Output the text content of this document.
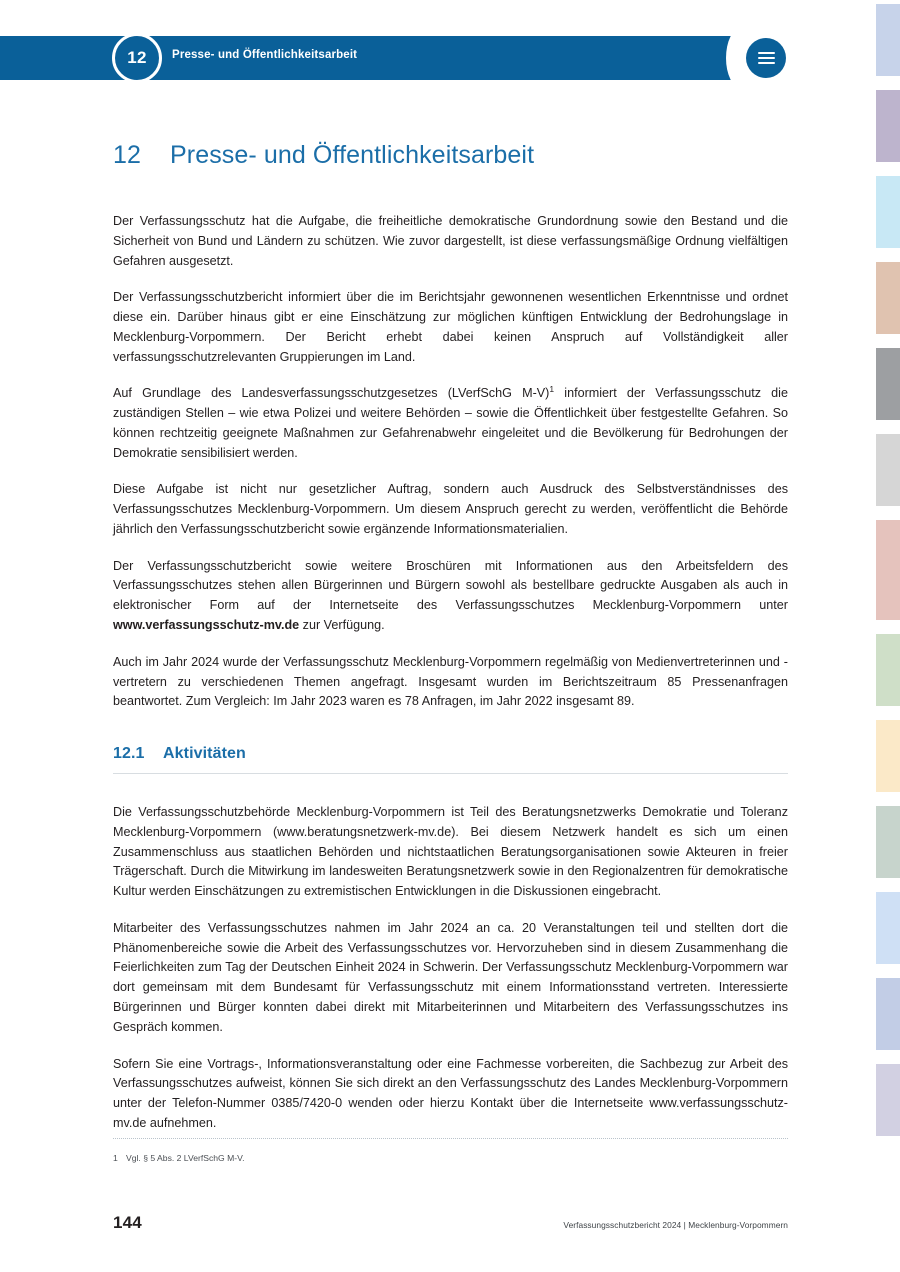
12 Presse- und Öffentlichkeitsarbeit
12	Presse- und Öffentlichkeitsarbeit

Der Verfassungsschutz hat die Aufgabe, die freiheitliche demokratische Grundordnung sowie den Bestand und die Sicherheit von Bund und Ländern zu schützen. Wie zuvor dargestellt, ist diese verfassungsmäßige Ordnung vielfältigen Gefahren ausgesetzt.

Der Verfassungsschutzbericht informiert über die im Berichtsjahr gewonnenen wesentlichen Erkenntnisse und ordnet diese ein. Darüber hinaus gibt er eine Einschätzung zur möglichen künftigen Entwicklung der Bedrohungslage in Mecklenburg-Vorpommern. Der Bericht erhebt dabei keinen Anspruch auf Vollständigkeit aller verfassungsschutzrelevanten Gruppierungen im Land.

Auf Grundlage des Landesverfassungsschutzgesetzes (LVerfSchG M-V)$^1$ informiert der Verfassungsschutz die zuständigen Stellen – wie etwa Polizei und weitere Behörden – sowie die Öffentlichkeit über festgestellte Gefahren. So können rechtzeitig geeignete Maßnahmen zur Gefahrenabwehr eingeleitet und die Bevölkerung für Bedrohungen der Demokratie sensibilisiert werden.

Diese Aufgabe ist nicht nur gesetzlicher Auftrag, sondern auch Ausdruck des Selbstverständnisses des Verfassungsschutzes Mecklenburg-Vorpommern. Um diesem Anspruch gerecht zu werden, veröffentlicht die Behörde jährlich den Verfassungsschutzbericht sowie ergänzende Informationsmaterialien.

Der Verfassungsschutzbericht sowie weitere Broschüren mit Informationen aus den Arbeitsfeldern des Verfassungsschutzes stehen allen Bürgerinnen und Bürgern sowohl als bestellbare gedruckte Ausgaben als auch in elektronischer Form auf der Internetseite des Verfassungsschutzes Mecklenburg-Vorpommern unter www.verfassungsschutz-mv.de zur Verfügung.

Auch im Jahr 2024 wurde der Verfassungsschutz Mecklenburg-Vorpommern regelmäßig von Medienvertreterinnen und -vertretern zu verschiedenen Themen angefragt. Insgesamt wurden im Berichtszeitraum 85 Pressenanfragen beantwortet. Zum Vergleich: Im Jahr 2023 waren es 78 Anfragen, im Jahr 2022 insgesamt 89.

12.1	Aktivitäten

Die Verfassungsschutzbehörde Mecklenburg-Vorpommern ist Teil des Beratungsnetzwerks Demokratie und Toleranz Mecklenburg-Vorpommern (www.beratungsnetzwerk-mv.de). Bei diesem Netzwerk handelt es sich um einen Zusammenschluss aus staatlichen Behörden und nichtstaatlichen Beratungsorganisationen sowie Akteuren in freier Trägerschaft. Durch die Mitwirkung im landesweiten Beratungsnetzwerk sowie in den Regionalzentren für demokratische Kultur werden Einschätzungen zu extremistischen Entwicklungen in die Diskussionen eingebracht.

Mitarbeiter des Verfassungsschutzes nahmen im Jahr 2024 an ca. 20 Veranstaltungen teil und stellten dort die Phänomenbereiche sowie die Arbeit des Verfassungsschutzes vor. Hervorzuheben sind in diesem Zusammenhang die Feierlichkeiten zum Tag der Deutschen Einheit 2024 in Schwerin. Der Verfassungsschutz Mecklenburg-Vorpommern war dort gemeinsam mit dem Bundesamt für Verfassungsschutz mit einem Informationsstand vertreten. Interessierte Bürgerinnen und Bürger konnten dabei direkt mit Mitarbeiterinnen und Mitarbeitern des Verfassungsschutzes ins Gespräch kommen.

Sofern Sie eine Vortrags-, Informationsveranstaltung oder eine Fachmesse vorbereiten, die Sachbezug zur Arbeit des Verfassungsschutzes aufweist, können Sie sich direkt an den Verfassungsschutz des Landes Mecklenburg-Vorpommern unter der Telefon-Nummer 0385/7420-0 wenden oder hierzu Kontakt über die Internetseite www.verfassungsschutz-mv.de aufnehmen.

1 Vgl. § 5 Abs. 2 LVerfSchG M-V.
144	Verfassungsschutzbericht 2024 | Mecklenburg-Vorpommern
